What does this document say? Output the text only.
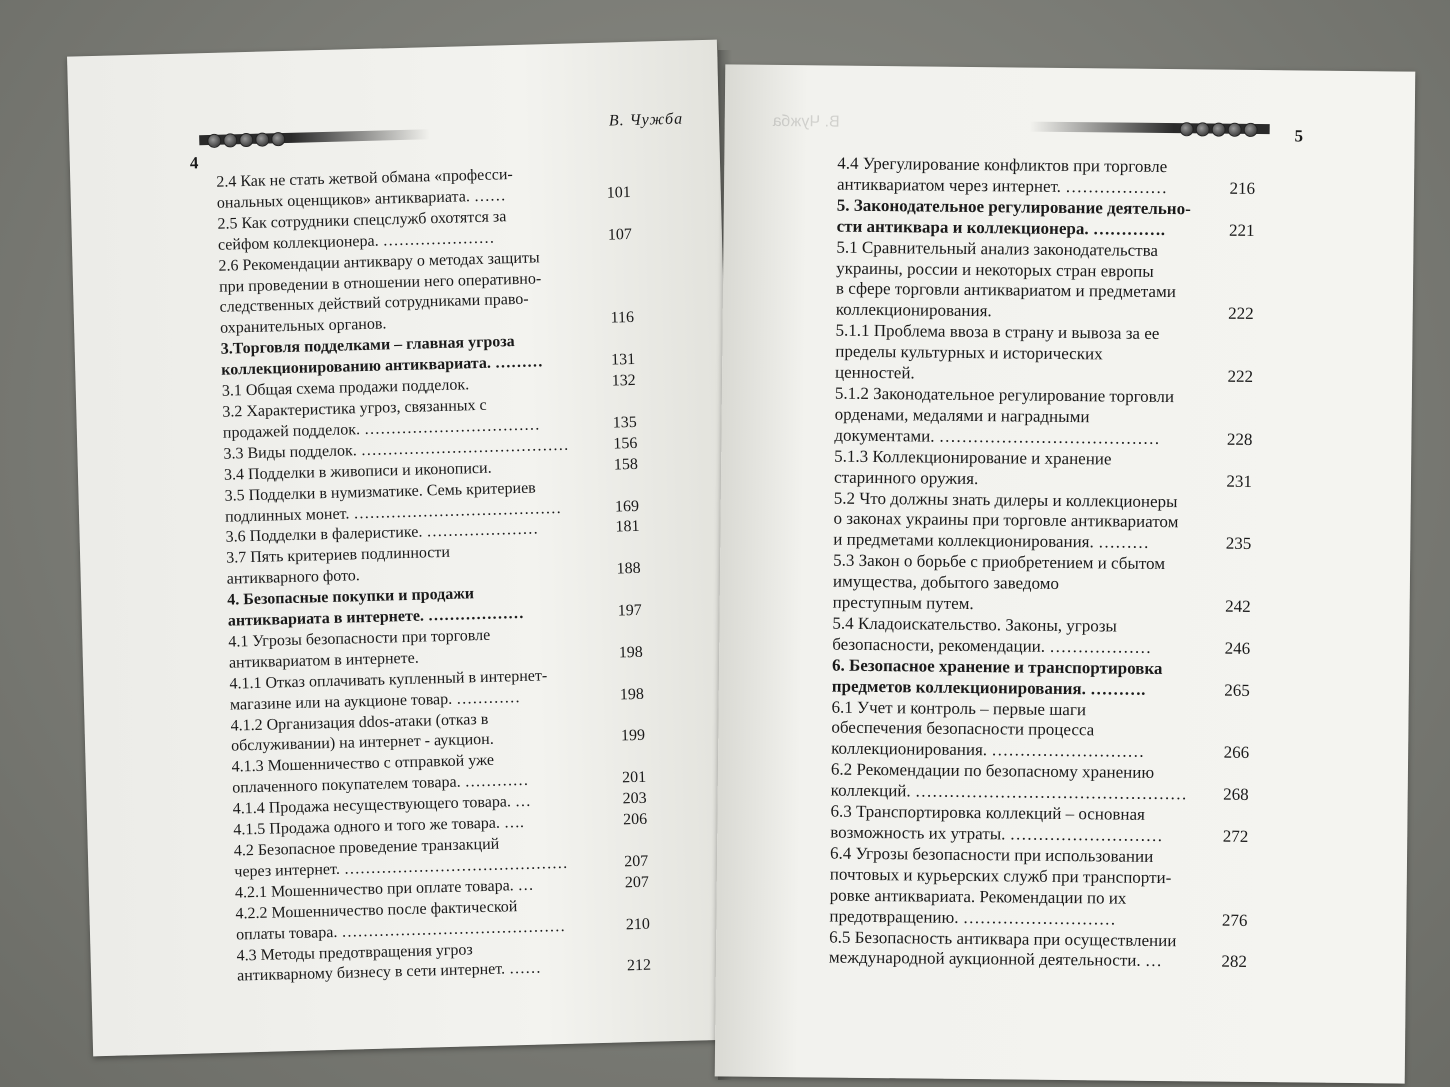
4
В. Чужба
2.4 Как не стать жетвой обмана «професси-
ональных оценщиков» антиквариата. ……	101
2.5 Как сотрудники спецслужб охотятся за
сейфом коллекционера. …………………	107
2.6 Рекомендации антиквару о методах защиты
при проведении в отношении него оперативно-
следственных действий сотрудниками право-
охранительных органов.	116
3.Торговля подделками – главная угроза
коллекционированию антиквариата. ………	131
3.1 Общая схема продажи подделок.	132
3.2 Характеристика угроз, связанных с
продажей подделок. ……………………………	135
3.3 Виды подделок. …………………………………	156
3.4 Подделки в живописи и иконописи.	158
3.5 Подделки в нумизматике. Семь критериев
подлинных монет. …………………………………	169
3.6 Подделки в фалеристике. …………………	181
3.7 Пять критериев подлинности
антикварного фото.	188
4. Безопасные покупки и продажи
антиквариата в интернете. ………………	197
4.1 Угрозы безопасности при торговле
антиквариатом в интернете.	198
4.1.1 Отказ оплачивать купленный в интернет-
магазине или на аукционе товар. …………	198
4.1.2 Организация ddos-атаки (отказ в
обслуживании) на интернет - аукцион.	199
4.1.3 Мошенничество с отправкой уже
оплаченного покупателем товара. …………	201
4.1.4 Продажа несуществующего товара. …	203
4.1.5 Продажа одного и того же товара. ….	206
4.2 Безопасное проведение транзакций
через интернет. ……………………………………	207
4.2.1 Мошенничество при оплате товара. …	207
4.2.2 Мошенничество после фактической
оплаты товара. ……………………………………	210
4.3 Методы предотвращения угроз
антикварному бизнесу в сети интернет. ……	212
В. Чужба
5
4.4 Урегулирование конфликтов при торговле
антиквариатом через интернет. ………………	216
5. Законодательное регулирование деятельно-
сти антиквара и коллекционера. ………….	221
5.1 Сравнительный анализ законодательства
украины, россии и некоторых стран европы
в сфере торговли антиквариатом и предметами
коллекционирования.	222
5.1.1 Проблема ввоза в страну и вывоза за ее
пределы культурных и исторических
ценностей.	222
5.1.2 Законодательное регулирование торговли
орденами, медалями и наградными
документами. …………………………………	228
5.1.3 Коллекционирование и хранение
старинного оружия.	231
5.2 Что должны знать дилеры и коллекционеры
о законах украины при торговле антиквариатом
и предметами коллекционирования. ………	235
5.3 Закон о борьбе с приобретением и сбытом
имущества, добытого заведомо
преступным путем.	242
5.4 Кладоискательство. Законы, угрозы
безопасности, рекомендации. ………………	246
6. Безопасное хранение и транспортировка
предметов коллекционирования. ……….	265
6.1 Учет и контроль – первые шаги
обеспечения безопасности процесса
коллекционирования. ………………………	266
6.2 Рекомендации по безопасному хранению
коллекций. …………………………………………	268
6.3 Транспортировка коллекций – основная
возможность их утраты. ………………………	272
6.4 Угрозы безопасности при использовании
почтовых и курьерских служб при транспорти-
ровке антиквариата. Рекомендации по их
предотвращению. ………………………	276
6.5 Безопасность антиквара при осуществлении
международной аукционной деятельности. …	282
